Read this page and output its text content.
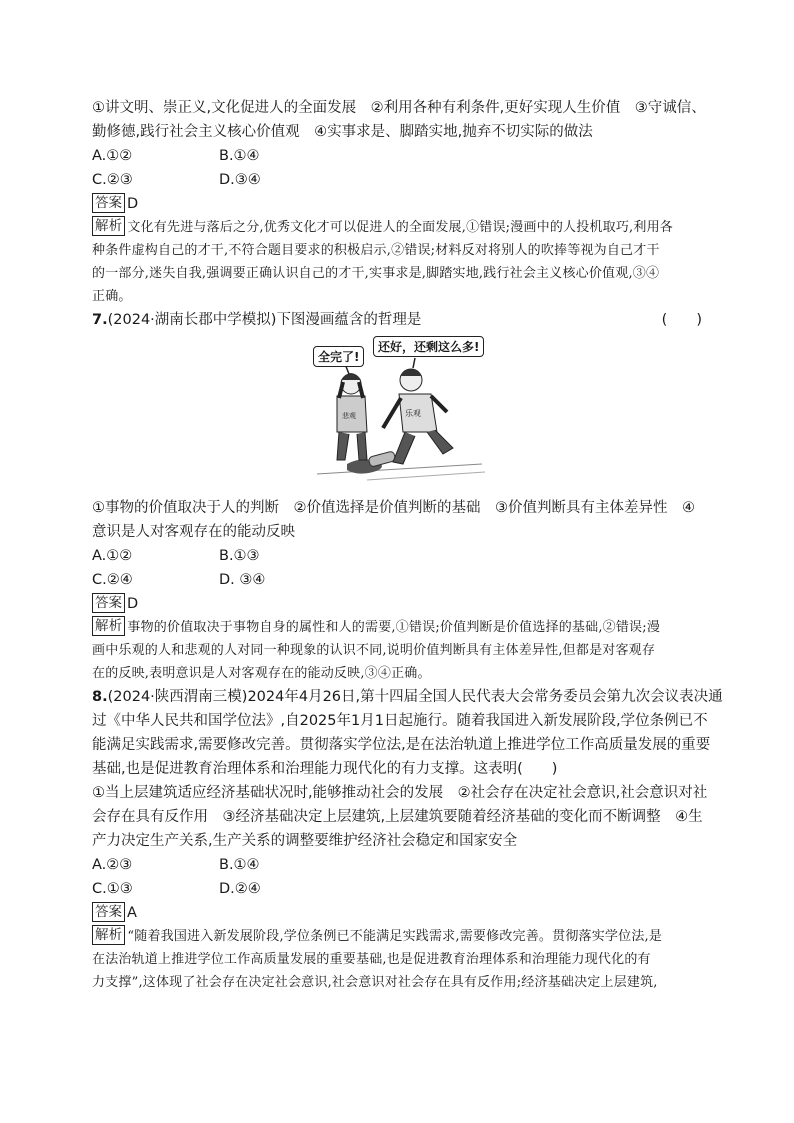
①讲文明、崇正义,文化促进人的全面发展　②利用各种有利条件,更好实现人生价值　③守诚信、
勤修德,践行社会主义核心价值观　④实事求是、脚踏实地,抛弃不切实际的做法
A.①②	B.①④
C.②③	D.③④
答案 D
解析 文化有先进与落后之分,优秀文化才可以促进人的全面发展,①错误;漫画中的人投机取巧,利用各
种条件虚构自己的才干,不符合题目要求的积极启示,②错误;材料反对将别人的吹捧等视为自己才干
的一部分,迷失自我,强调要正确认识自己的才干,实事求是,脚踏实地,践行社会主义核心价值观,③④
正确。
7.(2024·湖南长郡中学模拟)下图漫画蕴含的哲理是	(　　)
乐观
悲观
全完了!
还好，还剩这么多!
①事物的价值取决于人的判断　②价值选择是价值判断的基础　③价值判断具有主体差异性　④
意识是人对客观存在的能动反映
A.①②	B.①③
C.②④	D. ③④
答案 D
解析 事物的价值取决于事物自身的属性和人的需要,①错误;价值判断是价值选择的基础,②错误;漫
画中乐观的人和悲观的人对同一种现象的认识不同,说明价值判断具有主体差异性,但都是对客观存
在的反映,表明意识是人对客观存在的能动反映,③④正确。
8.(2024·陕西渭南三模)2024年4月26日,第十四届全国人民代表大会常务委员会第九次会议表决通
过《中华人民共和国学位法》,自2025年1月1日起施行。随着我国进入新发展阶段,学位条例已不
能满足实践需求,需要修改完善。贯彻落实学位法,是在法治轨道上推进学位工作高质量发展的重要
基础,也是促进教育治理体系和治理能力现代化的有力支撑。这表明(　　)
①当上层建筑适应经济基础状况时,能够推动社会的发展　②社会存在决定社会意识,社会意识对社
会存在具有反作用　③经济基础决定上层建筑,上层建筑要随着经济基础的变化而不断调整　④生
产力决定生产关系,生产关系的调整要维护经济社会稳定和国家安全
A.②③	B.①④
C.①③	D.②④
答案 A
解析 “随着我国进入新发展阶段,学位条例已不能满足实践需求,需要修改完善。贯彻落实学位法,是
在法治轨道上推进学位工作高质量发展的重要基础,也是促进教育治理体系和治理能力现代化的有
力支撑”,这体现了社会存在决定社会意识,社会意识对社会存在具有反作用;经济基础决定上层建筑,
